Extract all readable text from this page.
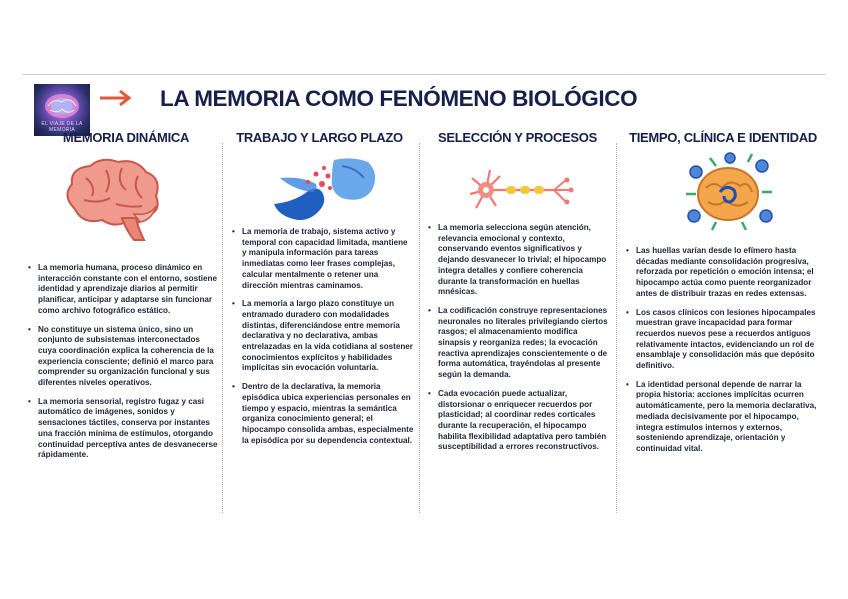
EL VIAJE DE LA MEMORIA
LA MEMORIA COMO FENÓMENO BIOLÓGICO
MEMORIA DINÁMICA	TRABAJO Y LARGO PLAZO	SELECCIÓN Y PROCESOS	TIEMPO, CLÍNICA E IDENTIDAD
• La memoria humana, proceso dinámico en interacción constante con el entorno, sostiene identidad y aprendizaje diarios al permitir planificar, anticipar y adaptarse sin funcionar como archivo fotográfico estático.
• No constituye un sistema único, sino un conjunto de subsistemas interconectados cuya coordinación explica la coherencia de la experiencia consciente; definió el marco para comprender su organización funcional y sus diferentes niveles operativos.
• La memoria sensorial, registro fugaz y casi automático de imágenes, sonidos y sensaciones táctiles, conserva por instantes una fracción mínima de estímulos, otorgando continuidad perceptiva antes de desvanecerse rápidamente.
• La memoria de trabajo, sistema activo y temporal con capacidad limitada, mantiene y manipula información para tareas inmediatas como leer frases complejas, calcular mentalmente o retener una dirección mientras caminamos.
• La memoria a largo plazo constituye un entramado duradero con modalidades distintas, diferenciándose entre memoria declarativa y no declarativa, ambas entrelazadas en la vida cotidiana al sostener conocimientos explícitos y habilidades implícitas sin evocación voluntaria.
• Dentro de la declarativa, la memoria episódica ubica experiencias personales en tiempo y espacio, mientras la semántica organiza conocimiento general; el hipocampo consolida ambas, especialmente la episódica por su dependencia contextual.
• La memoria selecciona según atención, relevancia emocional y contexto, conservando eventos significativos y dejando desvanecer lo trivial; el hipocampo integra detalles y confiere coherencia durante la transformación en huellas mnésicas.
• La codificación construye representaciones neuronales no literales privilegiando ciertos rasgos; el almacenamiento modifica sinapsis y reorganiza redes; la evocación reactiva aprendizajes conscientemente o de forma automática, trayéndolas al presente según la demanda.
• Cada evocación puede actualizar, distorsionar o enriquecer recuerdos por plasticidad; al coordinar redes corticales durante la recuperación, el hipocampo habilita flexibilidad adaptativa pero también susceptibilidad a errores reconstructivos.
• Las huellas varían desde lo efímero hasta décadas mediante consolidación progresiva, reforzada por repetición o emoción intensa; el hipocampo actúa como puente reorganizador antes de distribuir trazas en redes extensas.
• Los casos clínicos con lesiones hipocampales muestran grave incapacidad para formar recuerdos nuevos pese a recuerdos antiguos relativamente intactos, evidenciando un rol de ensamblaje y consolidación más que depósito definitivo.
• La identidad personal depende de narrar la propia historia: acciones implícitas ocurren automáticamente, pero la memoria declarativa, mediada decisivamente por el hipocampo, integra estímulos internos y externos, sosteniendo aprendizaje, orientación y continuidad vital.
